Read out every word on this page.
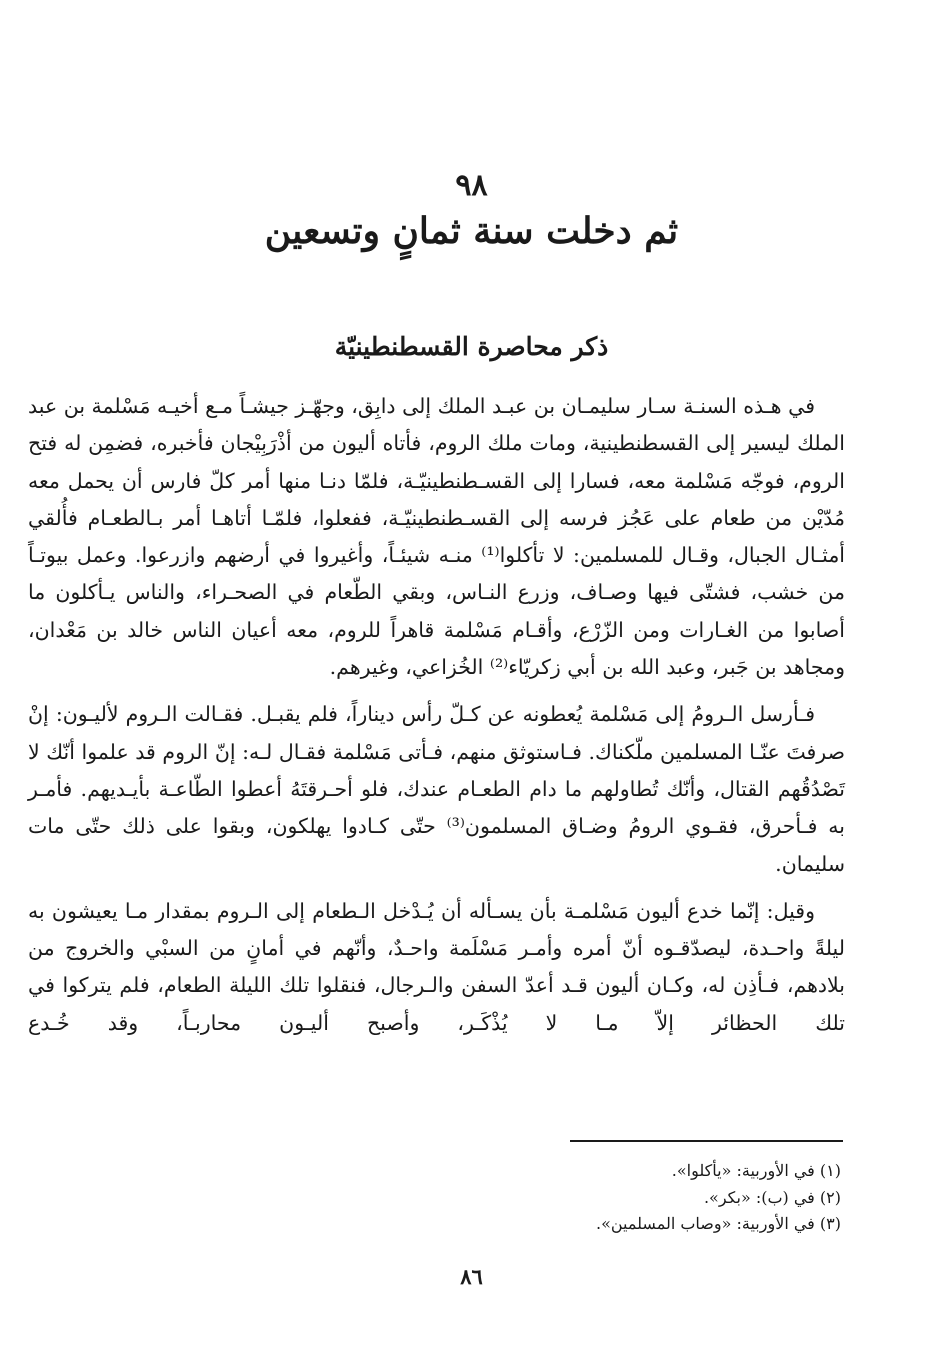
٩٨
ثم دخلت سنة ثمانٍ وتسعين
ذكر محاصرة القسطنطينيّة

في هـذه السنـة سـار سليمـان بن عبـد الملك إلى دابِق، وجهّـز جيشـاً مـع أخيـه مَسْلمة بن عبد الملك ليسير إلى القسطنطينية، ومات ملك الروم، فأتاه أليون من أذْرَبِيْجان فأخبره، فضمِن له فتح الروم، فوجّه مَسْلمة معه، فسارا إلى القسـطنطينيّـة، فلمّا دنـا منها أمر كلّ فارس أن يحمل معه مُدّيْن من طعام على عَجُز فرسه إلى القسـطنطينيّـة، ففعلوا، فلمّـا أتاهـا أمر بـالطعـام فأُلقي أمثـال الجبال، وقـال للمسلمين: لا تأكلوا⁽¹⁾ منـه شيئـاً، وأغيروا في أرضهم وازرعوا. وعمل بيوتـاً من خشب، فشتّى فيها وصـاف، وزرع النـاس، وبقي الطّعام في الصحـراء، والناس يـأكلون ما أصابوا من الغـارات ومن الزّرْع، وأقـام مَسْلمة قاهراً للروم، معه أعيان الناس خالد بن مَعْدان، ومجاهد بن جَبر، وعبد الله بن أبي زكريّاء⁽²⁾ الخُزاعي، وغيرهم.

فـأرسل الـرومُ إلى مَسْلمة يُعطونه عن كـلّ رأس ديناراً، فلم يقبـل. فقـالت الـروم لأليـون: إنْ صرفتَ عنّـا المسلمين ملّكناك. فـاستوثق منهم، فـأتى مَسْلمة فقـال لـه: إنّ الروم قد علموا أنّك لا تَصْدُقُهم القتال، وأنّك تُطاولهم ما دام الطعـام عندك، فلو أحـرقتَهُ أعطوا الطّاعـة بأيـديهم. فأمـر به فـأحرق، فقـوي الرومُ وضـاق المسلمون⁽³⁾ حتّى كـادوا يهلكون، وبقوا على ذلك حتّى مات سليمان.

وقيل: إنّما خدع أليون مَسْلمـة بأن يسـأله أن يُـدْخل الـطعام إلى الـروم بمقدار مـا يعيشون به ليلةً واحـدة، ليصدّقـوه أنّ أمره وأمـر مَسْلَمة واحـدٌ، وأنّهم في أمانٍ من السبْي والخروج من بلادهم، فـأذِن له، وكـان أليون قـد أعدّ السفن والـرجال، فنقلوا تلك الليلة الطعام، فلم يتركوا في تلك الحظائر إلاّ مـا لا يُذْكَـر، وأصبح أليـون محاربـاً، وقد خُـدع

(١) في الأوربية: «يأكلوا».

(٢) في (ب): «بكر».

(٣) في الأوربية: «وصاب المسلمين».

٨٦
